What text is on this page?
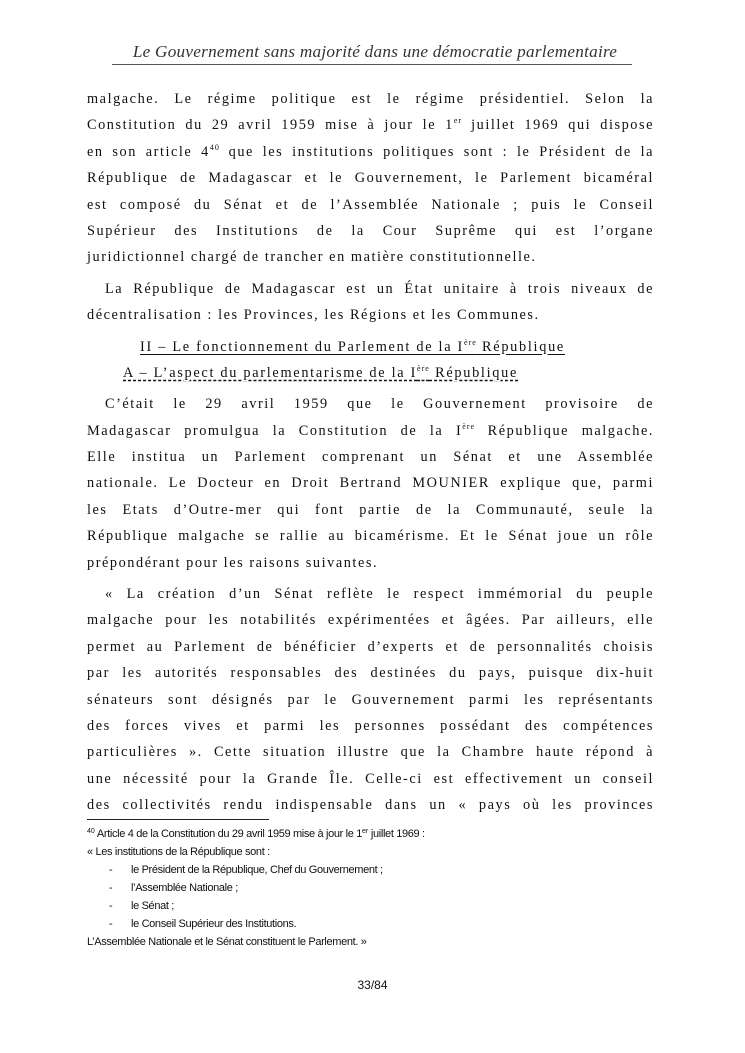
Le Gouvernement sans majorité dans une démocratie parlementaire
malgache. Le régime politique est le régime présidentiel. Selon la
Constitution du 29 avril 1959 mise à jour le 1er juillet 1969 qui dispose
en son article $4^{40}$ que les institutions politiques sont : le Président de la
République de Madagascar et le Gouvernement, le Parlement bicaméral
est composé du Sénat et de l’Assemblée Nationale ; puis le Conseil
Supérieur des Institutions de la Cour Suprême qui est l’organe
juridictionnel chargé de trancher en matière constitutionnelle.
La République de Madagascar est un État unitaire à trois niveaux de
décentralisation : les Provinces, les Régions et les Communes.
II – Le fonctionnement du Parlement de la Ière République
A – L’aspect du parlementarisme de la Ière République
C’était le 29 avril 1959 que le Gouvernement provisoire de
Madagascar promulgua la Constitution de la Ière République malgache.
Elle institua un Parlement comprenant un Sénat et une Assemblée
nationale. Le Docteur en Droit Bertrand MOUNIER explique que, parmi
les Etats d’Outre-mer qui font partie de la Communauté, seule la
République malgache se rallie au bicamérisme. Et le Sénat joue un rôle
prépondérant pour les raisons suivantes.
« La création d’un Sénat reflète le respect immémorial du peuple
malgache pour les notabilités expérimentées et âgées. Par ailleurs, elle
permet au Parlement de bénéficier d’experts et de personnalités choisis
par les autorités responsables des destinées du pays, puisque dix-huit
sénateurs sont désignés par le Gouvernement parmi les représentants
des forces vives et parmi les personnes possédant des compétences
particulières ». Cette situation illustre que la Chambre haute répond à
une nécessité pour la Grande Île. Celle-ci est effectivement un conseil
des collectivités rendu indispensable dans un « pays où les provinces
$^{40}$ Article 4 de la Constitution du 29 avril 1959 mise à jour le 1er juillet 1969 :
« Les institutions de la République sont :
- le Président de la République, Chef du Gouvernement ;
- l’Assemblée Nationale ;
- le Sénat ;
- le Conseil Supérieur des Institutions.
L’Assemblée Nationale et le Sénat constituent le Parlement. »
33/84
